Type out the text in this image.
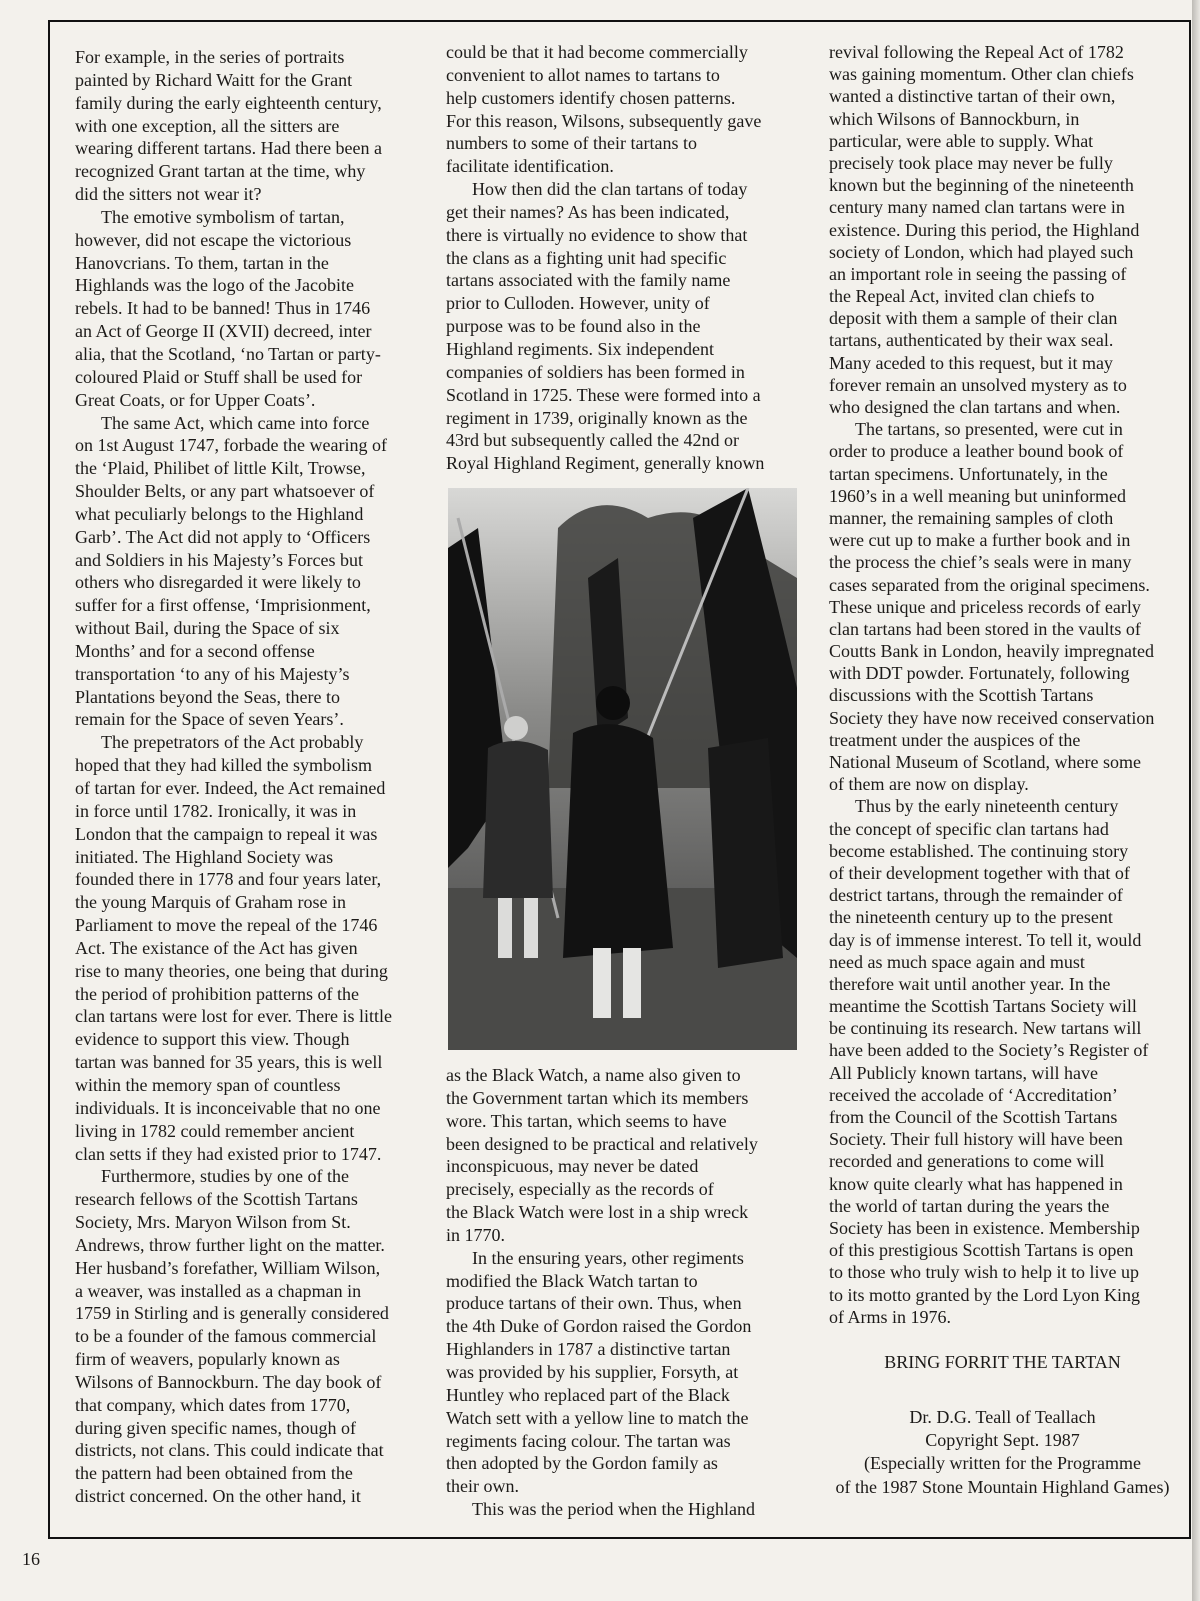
For example, in the series of portraits
painted by Richard Waitt for the Grant
family during the early eighteenth century,
with one exception, all the sitters are
wearing different tartans. Had there been a
recognized Grant tartan at the time, why
did the sitters not wear it?
The emotive symbolism of tartan,
however, did not escape the victorious
Hanovcrians. To them, tartan in the
Highlands was the logo of the Jacobite
rebels. It had to be banned! Thus in 1746
an Act of George II (XVII) decreed, inter
alia, that the Scotland, ‘no Tartan or party-
coloured Plaid or Stuff shall be used for
Great Coats, or for Upper Coats’.
The same Act, which came into force
on 1st August 1747, forbade the wearing of
the ‘Plaid, Philibet of little Kilt, Trowse,
Shoulder Belts, or any part whatsoever of
what peculiarly belongs to the Highland
Garb’. The Act did not apply to ‘Officers
and Soldiers in his Majesty’s Forces but
others who disregarded it were likely to
suffer for a first offense, ‘Imprisionment,
without Bail, during the Space of six
Months’ and for a second offense
transportation ‘to any of his Majesty’s
Plantations beyond the Seas, there to
remain for the Space of seven Years’.
The prepetrators of the Act probably
hoped that they had killed the symbolism
of tartan for ever. Indeed, the Act remained
in force until 1782. Ironically, it was in
London that the campaign to repeal it was
initiated. The Highland Society was
founded there in 1778 and four years later,
the young Marquis of Graham rose in
Parliament to move the repeal of the 1746
Act. The existance of the Act has given
rise to many theories, one being that during
the period of prohibition patterns of the
clan tartans were lost for ever. There is little
evidence to support this view. Though
tartan was banned for 35 years, this is well
within the memory span of countless
individuals. It is inconceivable that no one
living in 1782 could remember ancient
clan setts if they had existed prior to 1747.
Furthermore, studies by one of the
research fellows of the Scottish Tartans
Society, Mrs. Maryon Wilson from St.
Andrews, throw further light on the matter.
Her husband’s forefather, William Wilson,
a weaver, was installed as a chapman in
1759 in Stirling and is generally considered
to be a founder of the famous commercial
firm of weavers, popularly known as
Wilsons of Bannockburn. The day book of
that company, which dates from 1770,
during given specific names, though of
districts, not clans. This could indicate that
the pattern had been obtained from the
district concerned. On the other hand, it
could be that it had become commercially
convenient to allot names to tartans to
help customers identify chosen patterns.
For this reason, Wilsons, subsequently gave
numbers to some of their tartans to
facilitate identification.
How then did the clan tartans of today
get their names? As has been indicated,
there is virtually no evidence to show that
the clans as a fighting unit had specific
tartans associated with the family name
prior to Culloden. However, unity of
purpose was to be found also in the
Highland regiments. Six independent
companies of soldiers has been formed in
Scotland in 1725. These were formed into a
regiment in 1739, originally known as the
43rd but subsequently called the 42nd or
Royal Highland Regiment, generally known
as the Black Watch, a name also given to
the Government tartan which its members
wore. This tartan, which seems to have
been designed to be practical and relatively
inconspicuous, may never be dated
precisely, especially as the records of
the Black Watch were lost in a ship wreck
in 1770.
In the ensuring years, other regiments
modified the Black Watch tartan to
produce tartans of their own. Thus, when
the 4th Duke of Gordon raised the Gordon
Highlanders in 1787 a distinctive tartan
was provided by his supplier, Forsyth, at
Huntley who replaced part of the Black
Watch sett with a yellow line to match the
regiments facing colour. The tartan was
then adopted by the Gordon family as
their own.
This was the period when the Highland
revival following the Repeal Act of 1782
was gaining momentum. Other clan chiefs
wanted a distinctive tartan of their own,
which Wilsons of Bannockburn, in
particular, were able to supply. What
precisely took place may never be fully
known but the beginning of the nineteenth
century many named clan tartans were in
existence. During this period, the Highland
society of London, which had played such
an important role in seeing the passing of
the Repeal Act, invited clan chiefs to
deposit with them a sample of their clan
tartans, authenticated by their wax seal.
Many aceded to this request, but it may
forever remain an unsolved mystery as to
who designed the clan tartans and when.
The tartans, so presented, were cut in
order to produce a leather bound book of
tartan specimens. Unfortunately, in the
1960’s in a well meaning but uninformed
manner, the remaining samples of cloth
were cut up to make a further book and in
the process the chief’s seals were in many
cases separated from the original specimens.
These unique and priceless records of early
clan tartans had been stored in the vaults of
Coutts Bank in London, heavily impregnated
with DDT powder. Fortunately, following
discussions with the Scottish Tartans
Society they have now received conservation
treatment under the auspices of the
National Museum of Scotland, where some
of them are now on display.
Thus by the early nineteenth century
the concept of specific clan tartans had
become established. The continuing story
of their development together with that of
destrict tartans, through the remainder of
the nineteenth century up to the present
day is of immense interest. To tell it, would
need as much space again and must
therefore wait until another year. In the
meantime the Scottish Tartans Society will
be continuing its research. New tartans will
have been added to the Society’s Register of
All Publicly known tartans, will have
received the accolade of ‘Accreditation’
from the Council of the Scottish Tartans
Society. Their full history will have been
recorded and generations to come will
know quite clearly what has happened in
the world of tartan during the years the
Society has been in existence. Membership
of this prestigious Scottish Tartans is open
to those who truly wish to help it to live up
to its motto granted by the Lord Lyon King
of Arms in 1976.
BRING FORRIT THE TARTAN
Dr. D.G. Teall of Teallach
Copyright Sept. 1987
(Especially written for the Programme
of the 1987 Stone Mountain Highland Games)
16
